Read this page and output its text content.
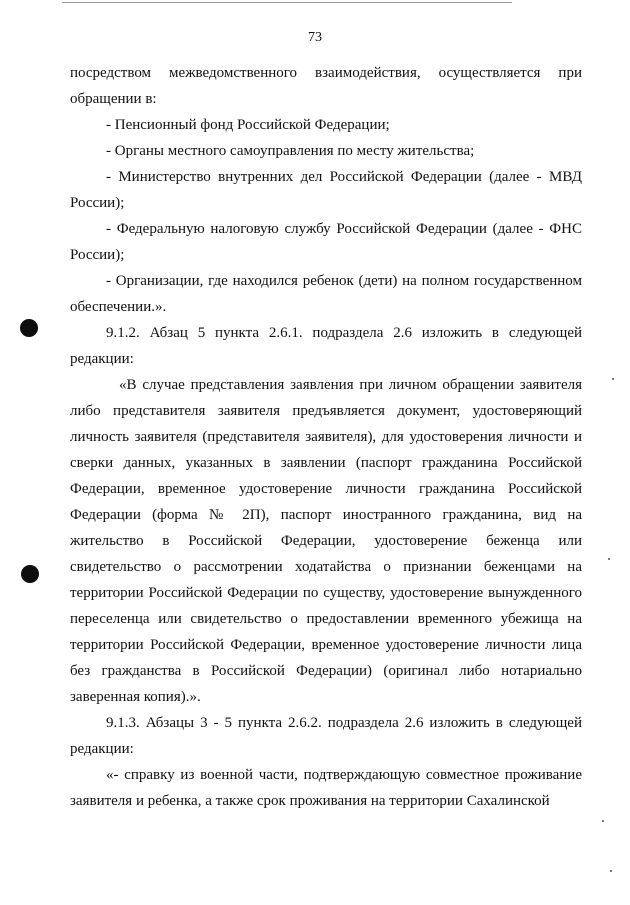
73

посредством межведомственного взаимодействия, осуществляется при обращении в:

- Пенсионный фонд Российской Федерации;

- Органы местного самоуправления по месту жительства;

- Министерство внутренних дел Российской Федерации (далее - МВД России);

- Федеральную налоговую службу Российской Федерации (далее - ФНС России);

- Организации, где находился ребенок (дети) на полном государственном обеспечении.».

9.1.2. Абзац 5 пункта 2.6.1. подраздела 2.6 изложить в следующей редакции:

«В случае представления заявления при личном обращении заявителя либо представителя заявителя предъявляется документ, удостоверяющий личность заявителя (представителя заявителя), для удостоверения личности и сверки данных, указанных в заявлении (паспорт гражданина Российской Федерации, временное удостоверение личности гражданина Российской Федерации (форма № 2П), паспорт иностранного гражданина, вид на жительство в Российской Федерации, удостоверение беженца или свидетельство о рассмотрении ходатайства о признании беженцами на территории Российской Федерации по существу, удостоверение вынужденного переселенца или свидетельство о предоставлении временного убежища на территории Российской Федерации, временное удостоверение личности лица без гражданства в Российской Федерации) (оригинал либо нотариально заверенная копия).».

9.1.3. Абзацы 3 - 5 пункта 2.6.2. подраздела 2.6 изложить в следующей редакции:

«- справку из военной части, подтверждающую совместное проживание заявителя и ребенка, а также срок проживания на территории Сахалинской
